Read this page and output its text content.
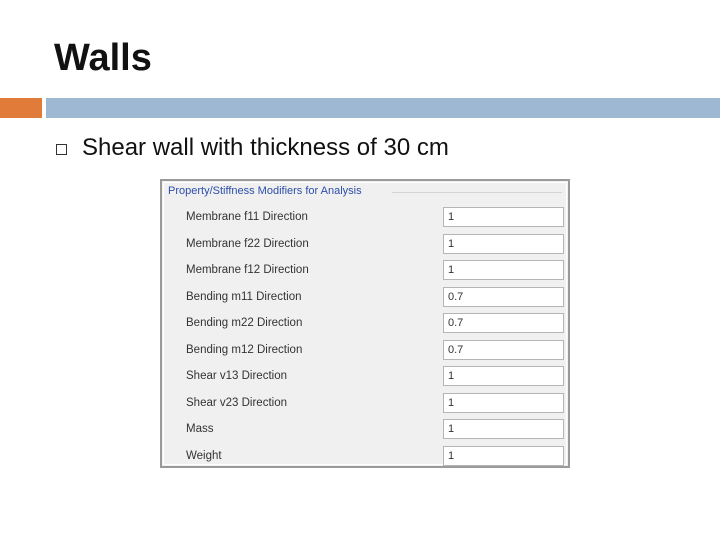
Walls
Shear wall with thickness of 30 cm
Property/Stiffness Modifiers for Analysis
Membrane f11 Direction	1
Membrane f22 Direction	1
Membrane f12 Direction	1
Bending m11 Direction	0.7
Bending m22 Direction	0.7
Bending m12 Direction	0.7
Shear v13 Direction	1
Shear v23 Direction	1
Mass	1
Weight	1
